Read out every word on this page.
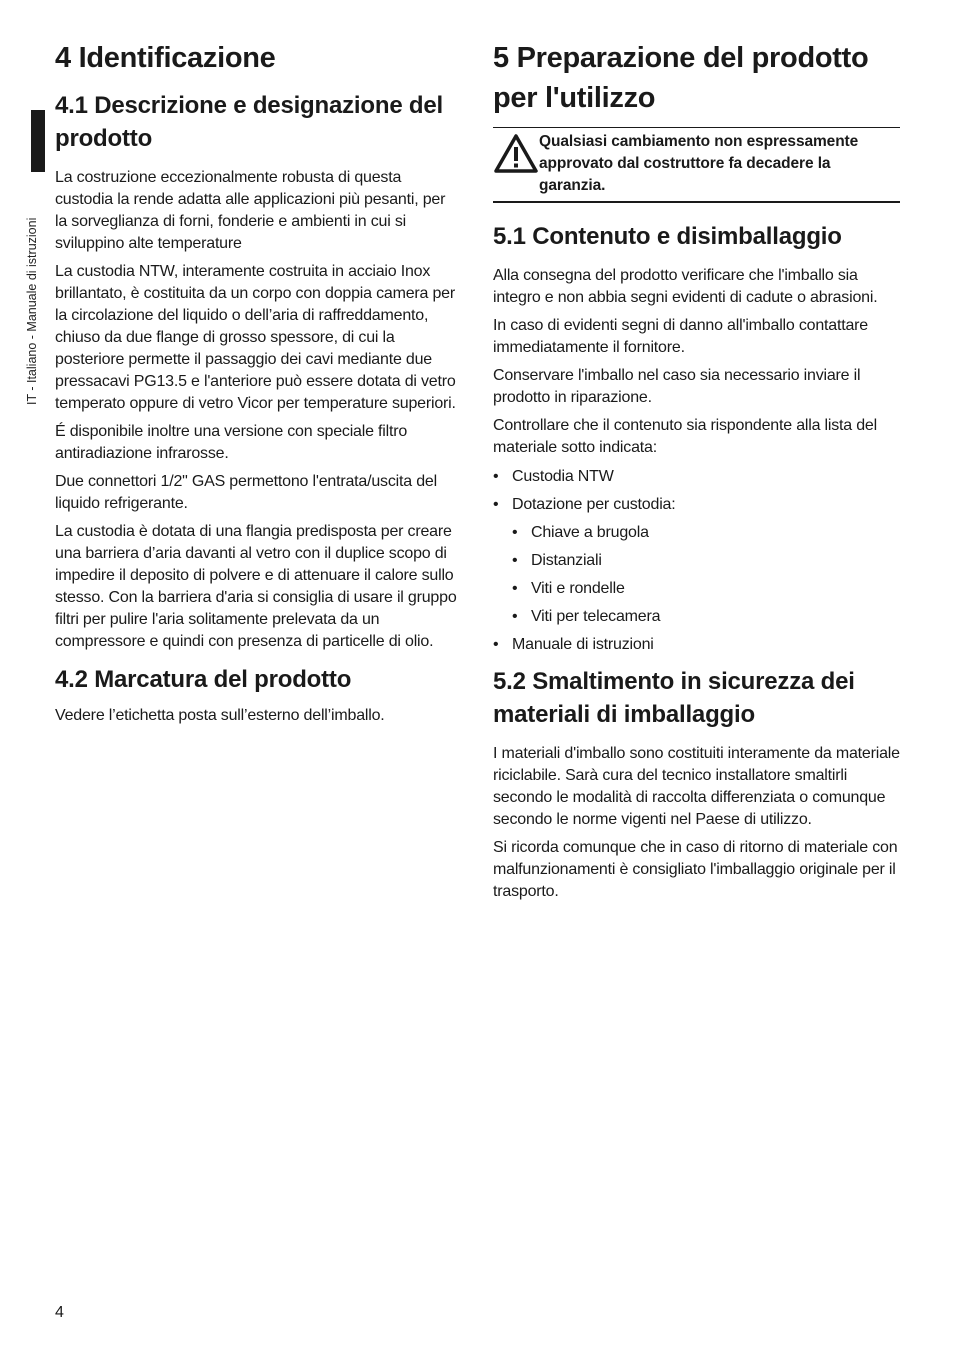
IT - Italiano - Manuale di istruzioni
4 Identificazione
4.1 Descrizione e designazione del prodotto

La costruzione eccezionalmente robusta di questa custodia la rende adatta alle applicazioni più pesanti, per la sorveglianza di forni, fonderie e ambienti in cui si sviluppino alte temperature

La custodia NTW, interamente costruita in acciaio Inox brillantato, è costituita da un corpo con doppia camera per la circolazione del liquido o dell’aria di raffreddamento, chiuso da due flange di grosso spessore, di cui la posteriore permette il passaggio dei cavi mediante due pressacavi PG13.5 e l'anteriore può essere dotata di vetro temperato oppure di vetro Vicor per temperature superiori.

É disponibile inoltre una versione con speciale filtro antiradiazione infrarosse.

Due connettori 1/2" GAS permettono l'entrata/uscita del liquido refrigerante.

La custodia è dotata di una flangia predisposta per creare una barriera d’aria davanti al vetro con il duplice scopo di impedire il deposito di polvere e di attenuare il calore sullo stesso. Con la barriera d'aria si consiglia di usare il gruppo filtri per pulire l'aria solitamente prelevata da un compressore e quindi con presenza di particelle di olio.

4.2 Marcatura del prodotto

Vedere l’etichetta posta sull’esterno dell’imballo.

5 Preparazione del prodotto per l'utilizzo
Qualsiasi cambiamento non espressamente approvato dal costruttore fa decadere la garanzia.
5.1 Contenuto e disimballaggio

Alla consegna del prodotto verificare che l'imballo sia integro e non abbia segni evidenti di cadute o abrasioni.

In caso di evidenti segni di danno all'imballo contattare immediatamente il fornitore.

Conservare l'imballo nel caso sia necessario inviare il prodotto in riparazione.

Controllare che il contenuto sia rispondente alla lista del materiale sotto indicata:

• Custodia NTW
• Dotazione per custodia:
• Chiave a brugola
• Distanziali
• Viti e rondelle
• Viti per telecamera
• Manuale di istruzioni
5.2 Smaltimento in sicurezza dei materiali di imballaggio

I materiali d'imballo sono costituiti interamente da materiale riciclabile. Sarà cura del tecnico installatore smaltirli secondo le modalità di raccolta differenziata o comunque secondo le norme vigenti nel Paese di utilizzo.

Si ricorda comunque che in caso di ritorno di materiale con malfunzionamenti è consigliato l'imballaggio originale per il trasporto.

4
